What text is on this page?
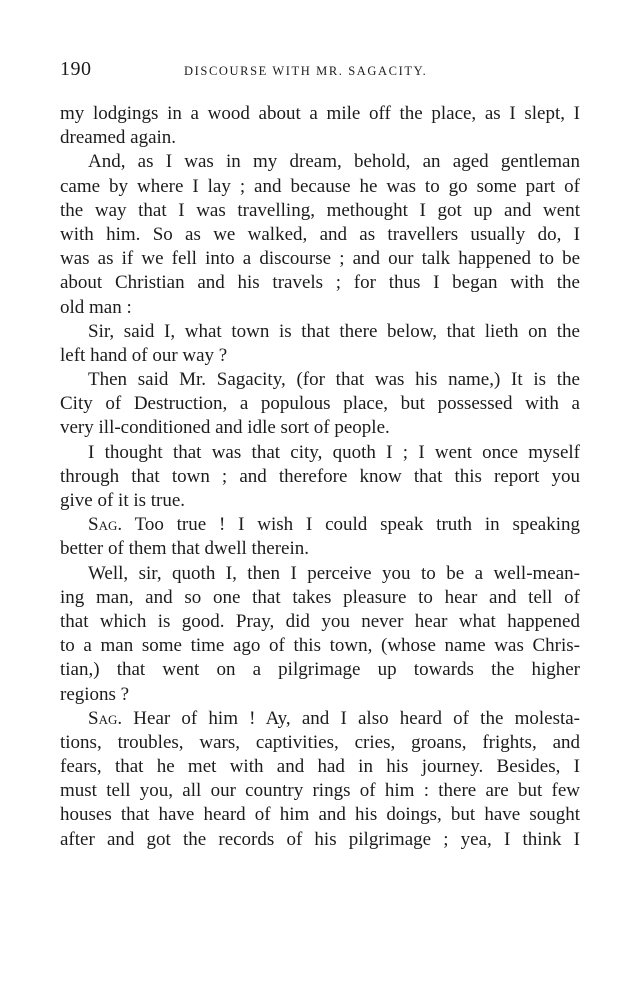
190	DISCOURSE WITH MR. SAGACITY.
my lodgings in a wood about a mile off the place, as I slept, I
dreamed again.
And, as I was in my dream, behold, an aged gentleman
came by where I lay ; and because he was to go some part of
the way that I was travelling, methought I got up and went
with him. So as we walked, and as travellers usually do, I
was as if we fell into a discourse ; and our talk happened to be
about Christian and his travels ; for thus I began with the
old man :
Sir, said I, what town is that there below, that lieth on the
left hand of our way ?
Then said Mr. Sagacity, (for that was his name,) It is the
City of Destruction, a populous place, but possessed with a
very ill-conditioned and idle sort of people.
I thought that was that city, quoth I ; I went once myself
through that town ; and therefore know that this report you
give of it is true.
Sag. Too true ! I wish I could speak truth in speaking
better of them that dwell therein.
Well, sir, quoth I, then I perceive you to be a well-mean-
ing man, and so one that takes pleasure to hear and tell of
that which is good. Pray, did you never hear what happened
to a man some time ago of this town, (whose name was Chris-
tian,) that went on a pilgrimage up towards the higher
regions ?
Sag. Hear of him ! Ay, and I also heard of the molesta-
tions, troubles, wars, captivities, cries, groans, frights, and
fears, that he met with and had in his journey. Besides, I
must tell you, all our country rings of him : there are but few
houses that have heard of him and his doings, but have sought
after and got the records of his pilgrimage ; yea, I think I
